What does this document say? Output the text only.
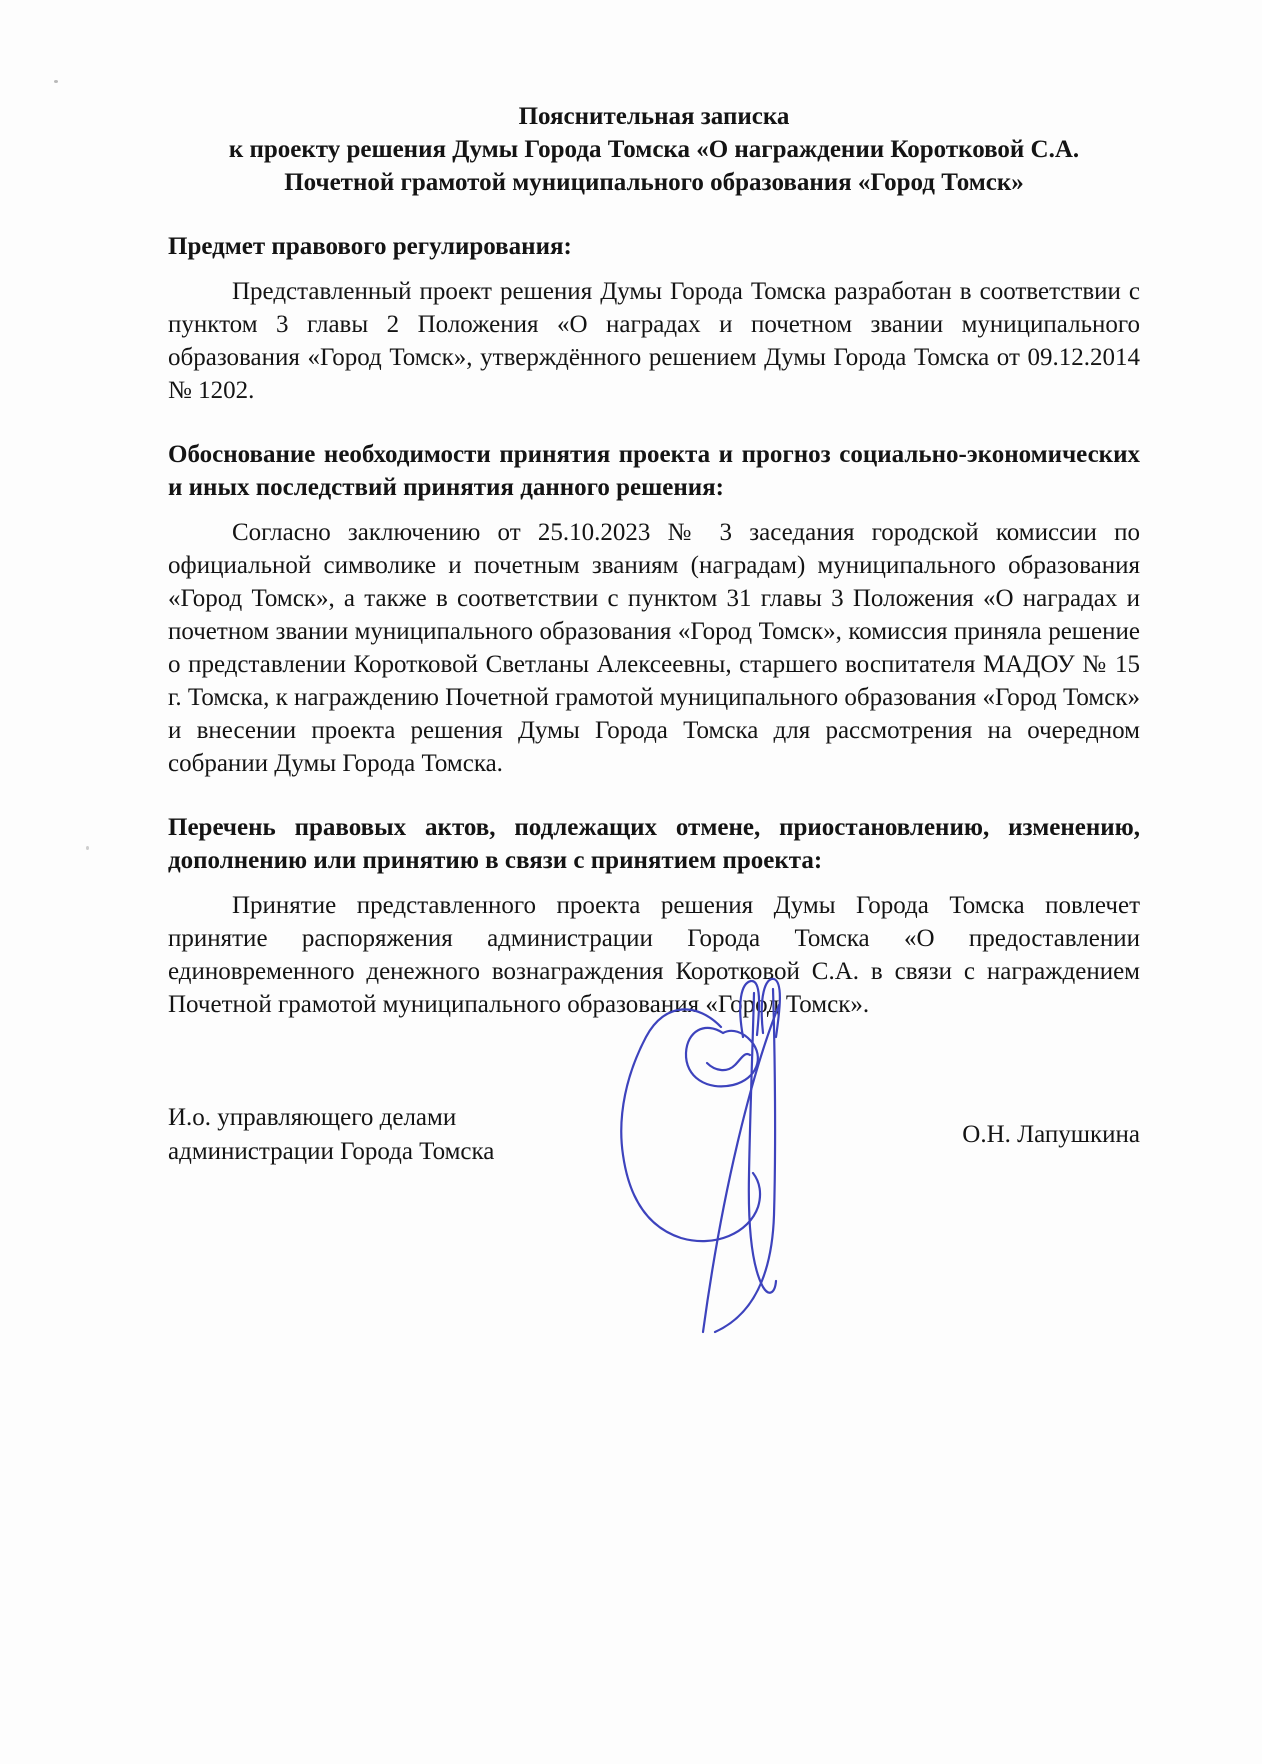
Пояснительная записка
к проекту решения Думы Города Томска «О награждении Коротковой С.А.
Почетной грамотой муниципального образования «Город Томск»
Предмет правового регулирования:

Представленный проект решения Думы Города Томска разработан в соответствии с пунктом 3 главы 2 Положения «О наградах и почетном звании муниципального образования «Город Томск», утверждённого решением Думы Города Томска от 09.12.2014 № 1202.

Обоснование необходимости принятия проекта и прогноз социально-экономических и иных последствий принятия данного решения:

Согласно заключению от 25.10.2023 № 3 заседания городской комиссии по официальной символике и почетным званиям (наградам) муниципального образования «Город Томск», а также в соответствии с пунктом 31 главы 3 Положения «О наградах и почетном звании муниципального образования «Город Томск», комиссия приняла решение о представлении Коротковой Светланы Алексеевны, старшего воспитателя МАДОУ № 15 г. Томска, к награждению Почетной грамотой муниципального образования «Город Томск» и внесении проекта решения Думы Города Томска для рассмотрения на очередном собрании Думы Города Томска.

Перечень правовых актов, подлежащих отмене, приостановлению, изменению, дополнению или принятию в связи с принятием проекта:

Принятие представленного проекта решения Думы Города Томска повлечет принятие распоряжения администрации Города Томска «О предоставлении единовременного денежного вознаграждения Коротковой С.А. в связи с награждением Почетной грамотой муниципального образования «Город Томск».

И.о. управляющего делами
администрации Города Томска
О.Н. Лапушкина
